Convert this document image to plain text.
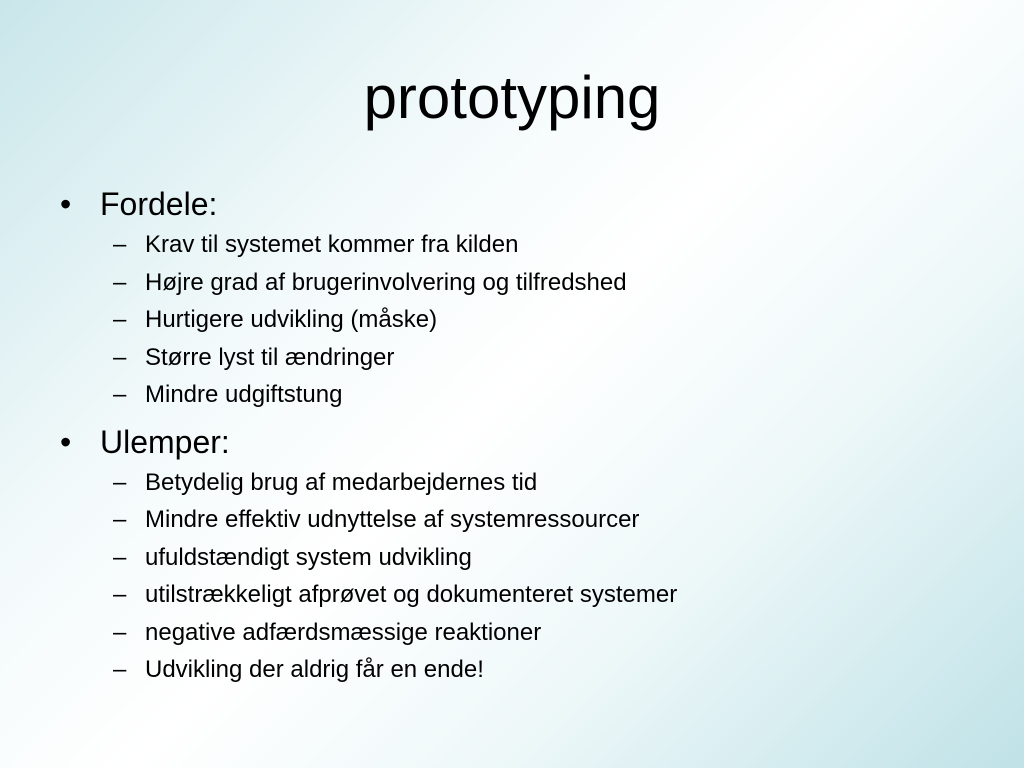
prototyping
• Fordele:
– Krav til systemet kommer fra kilden
– Højre grad af brugerinvolvering og tilfredshed
– Hurtigere udvikling (måske)
– Større lyst til ændringer
– Mindre udgiftstung
• Ulemper:
– Betydelig brug af medarbejdernes tid
– Mindre effektiv udnyttelse af systemressourcer
– ufuldstændigt system udvikling
– utilstrækkeligt afprøvet og dokumenteret systemer
– negative adfærdsmæssige reaktioner
– Udvikling der aldrig får en ende!
